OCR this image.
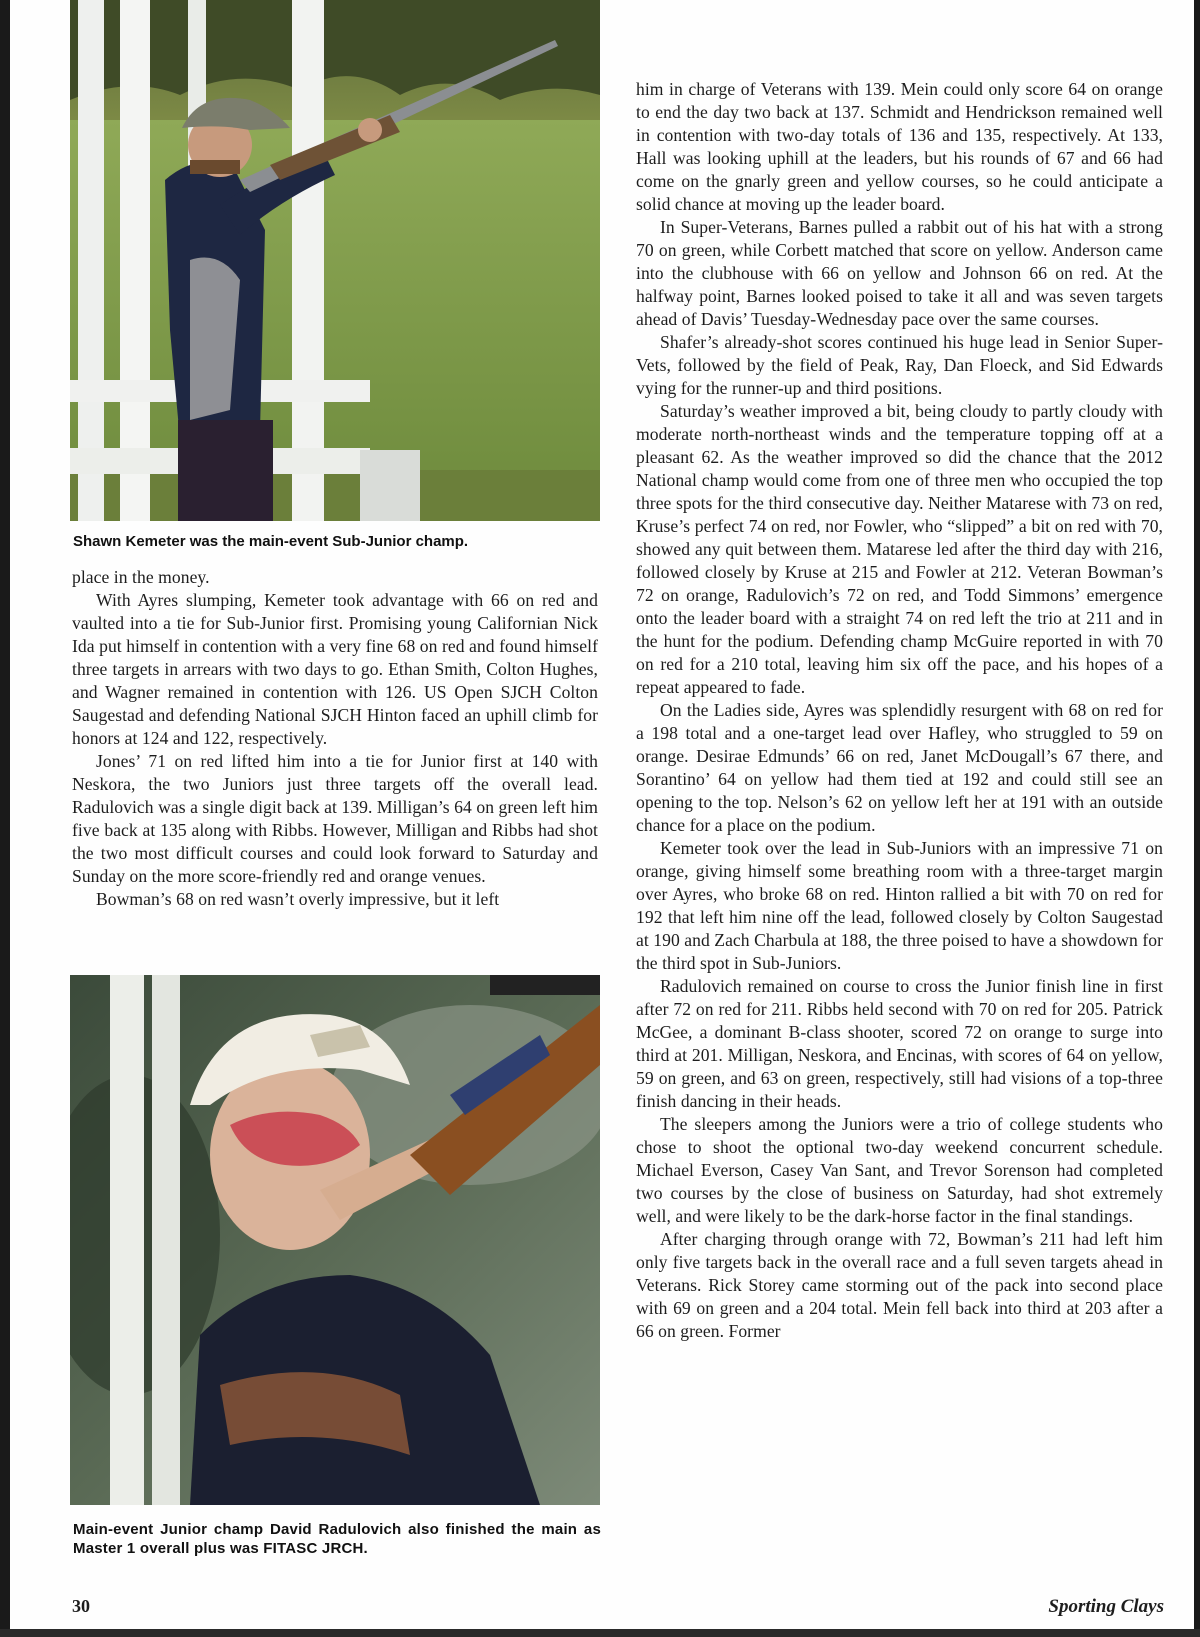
Shawn Kemeter was the main-event Sub-Junior champ.

place in the money.

With Ayres slumping, Kemeter took advantage with 66 on red and vaulted into a tie for Sub-Junior first. Promising young Californian Nick Ida put himself in contention with a very fine 68 on red and found himself three targets in arrears with two days to go. Ethan Smith, Colton Hughes, and Wagner remained in contention with 126. US Open SJCH Colton Saugestad and defending National SJCH Hinton faced an uphill climb for honors at 124 and 122, respectively.

Jones’ 71 on red lifted him into a tie for Junior first at 140 with Neskora, the two Juniors just three targets off the overall lead. Radulovich was a single digit back at 139. Milligan’s 64 on green left him five back at 135 along with Ribbs. However, Milligan and Ribbs had shot the two most difficult courses and could look forward to Saturday and Sunday on the more score-friendly red and orange venues.

Bowman’s 68 on red wasn’t overly impressive, but it left

Main-event Junior champ David Radulovich also finished the main as Master 1 overall plus was FITASC JRCH.

him in charge of Veterans with 139. Mein could only score 64 on orange to end the day two back at 137. Schmidt and Hendrickson remained well in contention with two-day totals of 136 and 135, respectively. At 133, Hall was looking uphill at the leaders, but his rounds of 67 and 66 had come on the gnarly green and yellow courses, so he could anticipate a solid chance at moving up the leader board.

In Super-Veterans, Barnes pulled a rabbit out of his hat with a strong 70 on green, while Corbett matched that score on yellow. Anderson came into the clubhouse with 66 on yellow and Johnson 66 on red. At the halfway point, Barnes looked poised to take it all and was seven targets ahead of Davis’ Tuesday-Wednesday pace over the same courses.

Shafer’s already-shot scores continued his huge lead in Senior Super-Vets, followed by the field of Peak, Ray, Dan Floeck, and Sid Edwards vying for the runner-up and third positions.

Saturday’s weather improved a bit, being cloudy to partly cloudy with moderate north-northeast winds and the temperature topping off at a pleasant 62. As the weather improved so did the chance that the 2012 National champ would come from one of three men who occupied the top three spots for the third consecutive day. Neither Matarese with 73 on red, Kruse’s perfect 74 on red, nor Fowler, who “slipped” a bit on red with 70, showed any quit between them. Matarese led after the third day with 216, followed closely by Kruse at 215 and Fowler at 212. Veteran Bowman’s 72 on orange, Radulovich’s 72 on red, and Todd Simmons’ emergence onto the leader board with a straight 74 on red left the trio at 211 and in the hunt for the podium. Defending champ McGuire reported in with 70 on red for a 210 total, leaving him six off the pace, and his hopes of a repeat appeared to fade.

On the Ladies side, Ayres was splendidly resurgent with 68 on red for a 198 total and a one-target lead over Hafley, who struggled to 59 on orange. Desirae Edmunds’ 66 on red, Janet McDougall’s 67 there, and Sorantino’ 64 on yellow had them tied at 192 and could still see an opening to the top. Nelson’s 62 on yellow left her at 191 with an outside chance for a place on the podium.

Kemeter took over the lead in Sub-Juniors with an impressive 71 on orange, giving himself some breathing room with a three-target margin over Ayres, who broke 68 on red. Hinton rallied a bit with 70 on red for 192 that left him nine off the lead, followed closely by Colton Saugestad at 190 and Zach Charbula at 188, the three poised to have a showdown for the third spot in Sub-Juniors.

Radulovich remained on course to cross the Junior finish line in first after 72 on red for 211. Ribbs held second with 70 on red for 205. Patrick McGee, a dominant B-class shooter, scored 72 on orange to surge into third at 201. Milligan, Neskora, and Encinas, with scores of 64 on yellow, 59 on green, and 63 on green, respectively, still had visions of a top-three finish dancing in their heads.

The sleepers among the Juniors were a trio of college students who chose to shoot the optional two-day weekend concurrent schedule. Michael Everson, Casey Van Sant, and Trevor Sorenson had completed two courses by the close of business on Saturday, had shot extremely well, and were likely to be the dark-horse factor in the final standings.

After charging through orange with 72, Bowman’s 211 had left him only five targets back in the overall race and a full seven targets ahead in Veterans. Rick Storey came storming out of the pack into second place with 69 on green and a 204 total. Mein fell back into third at 203 after a 66 on green. Former

30	Sporting Clays
